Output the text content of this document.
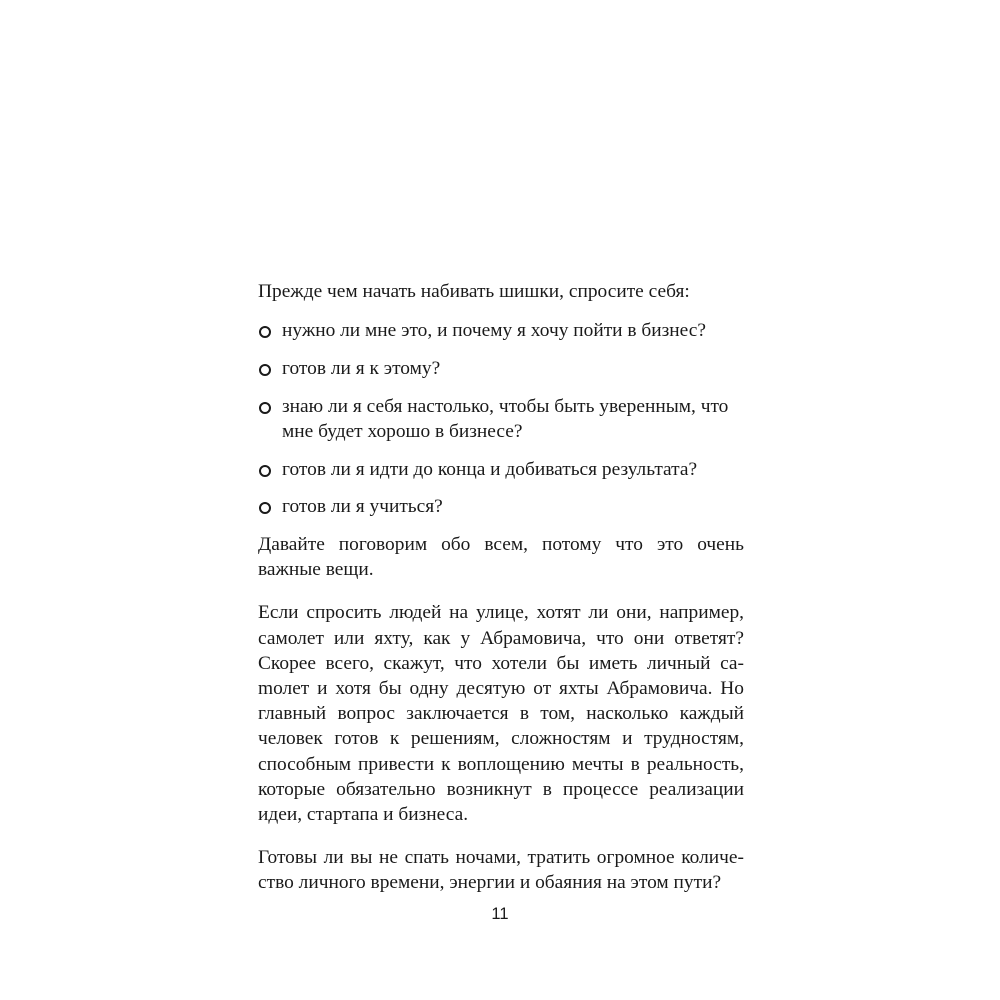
Прежде чем начать набивать шишки, спросите себя:

нужно ли мне это, и почему я хочу пойти в бизнес?
готов ли я к этому?
знаю ли я себя настолько, чтобы быть уверенным, что мне будет хорошо в бизнесе?
готов ли я идти до конца и добиваться результата?
готов ли я учиться?

Давайте поговорим обо всем, потому что это очень важные вещи.

Если спросить людей на улице, хотят ли они, например, самолет или яхту, как у Абрамовича, что они ответят? Скорее всего, скажут, что хотели бы иметь личный саmолет и хотя бы одну десятую от яхты Абрамовича. Но главный вопрос заключается в том, насколько каждый человек готов к решениям, сложностям и трудностям, способным привести к воплощению мечты в реальность, которые обязательно возникнут в процессе реализации идеи, стартапа и бизнеса.

Готовы ли вы не спать ночами, тратить огромное количество личного времени, энергии и обаяния на этом пути?

11
